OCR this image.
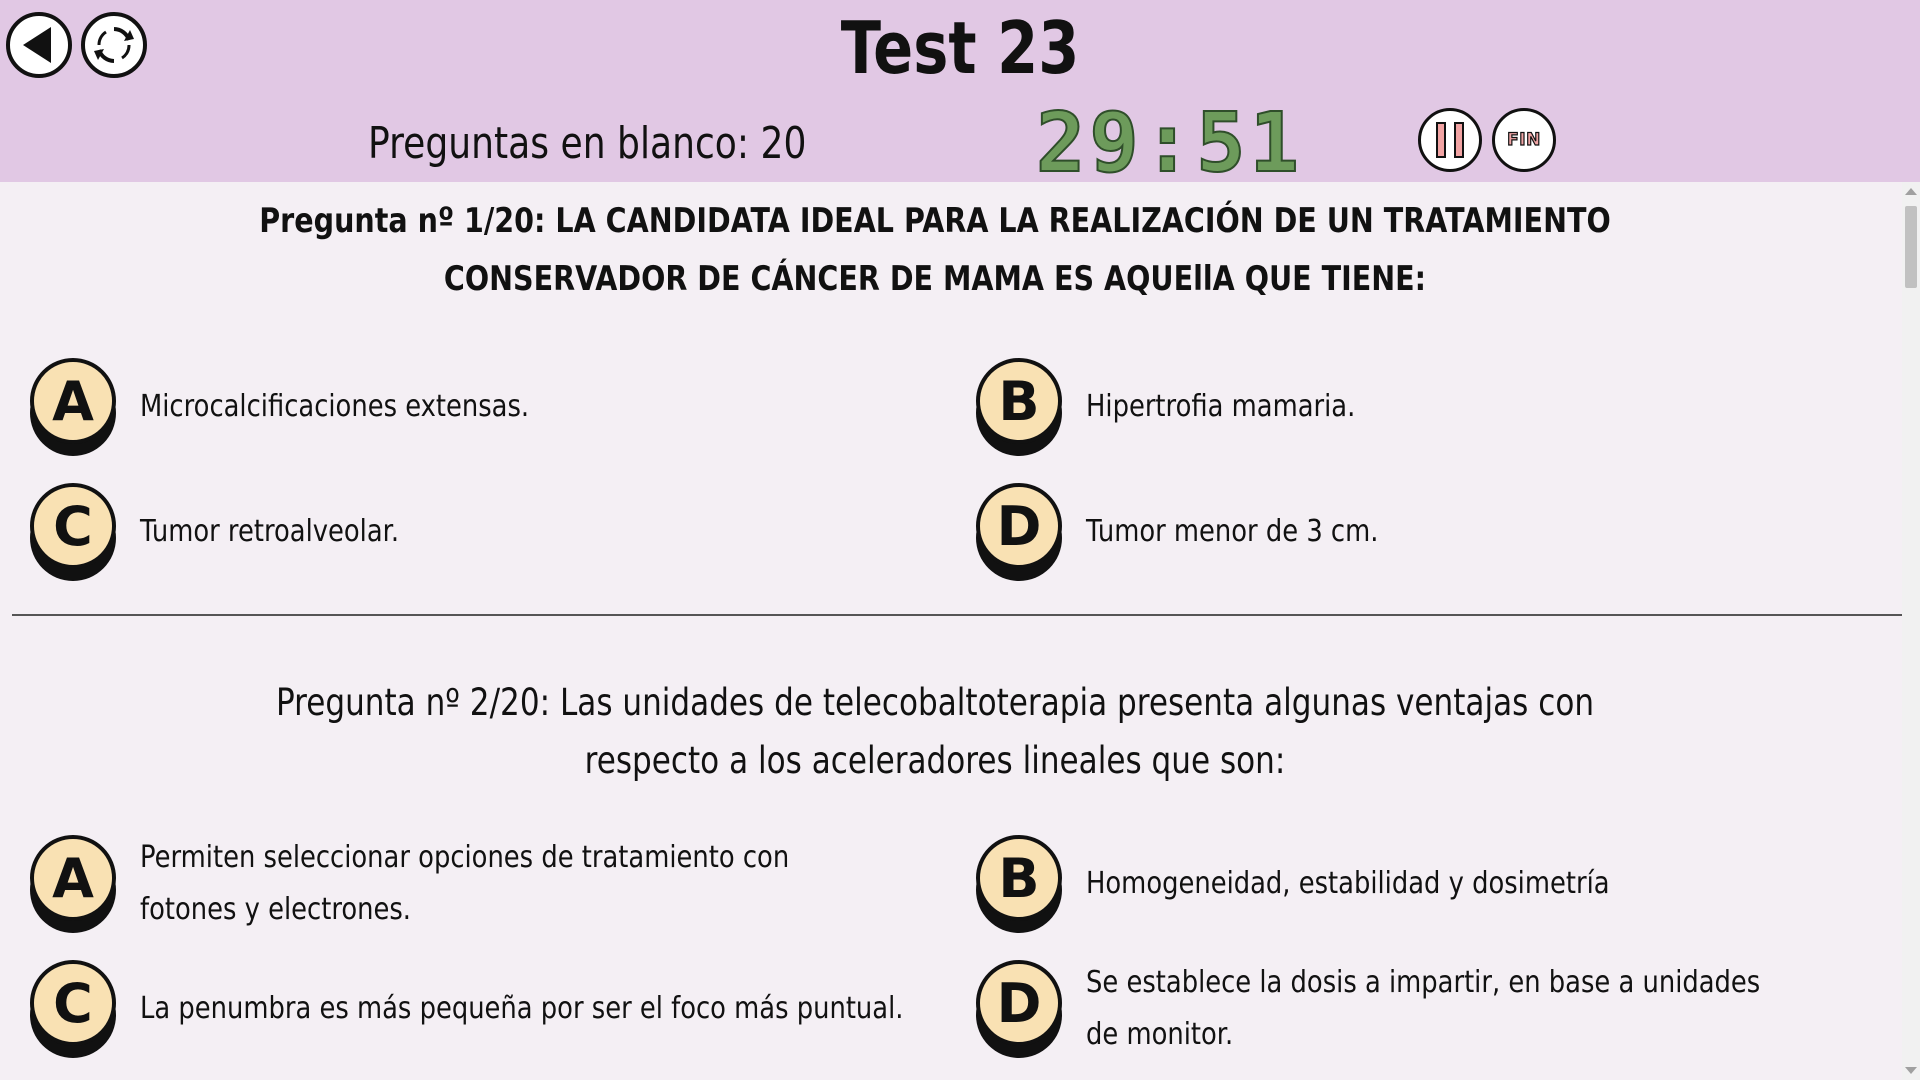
Test 23
Preguntas en blanco: 20	29:51	FIN
Pregunta nº 1/20: LA CANDIDATA IDEAL PARA LA REALIZACIÓN DE UN TRATAMIENTO CONSERVADOR DE CÁNCER DE MAMA ES AQUEllA QUE TIENE:
A	Microcalcificaciones extensas.	B	Hipertrofia mamaria.
C	Tumor retroalveolar.	D	Tumor menor de 3 cm.
Pregunta nº 2/20: Las unidades de telecobaltoterapia presenta algunas ventajas con respecto a los aceleradores lineales que son:
A	Permiten seleccionar opciones de tratamiento con fotones y electrones.	B	Homogeneidad, estabilidad y dosimetría
C	La penumbra es más pequeña por ser el foco más puntual.	D	Se establece la dosis a impartir, en base a unidades de monitor.
